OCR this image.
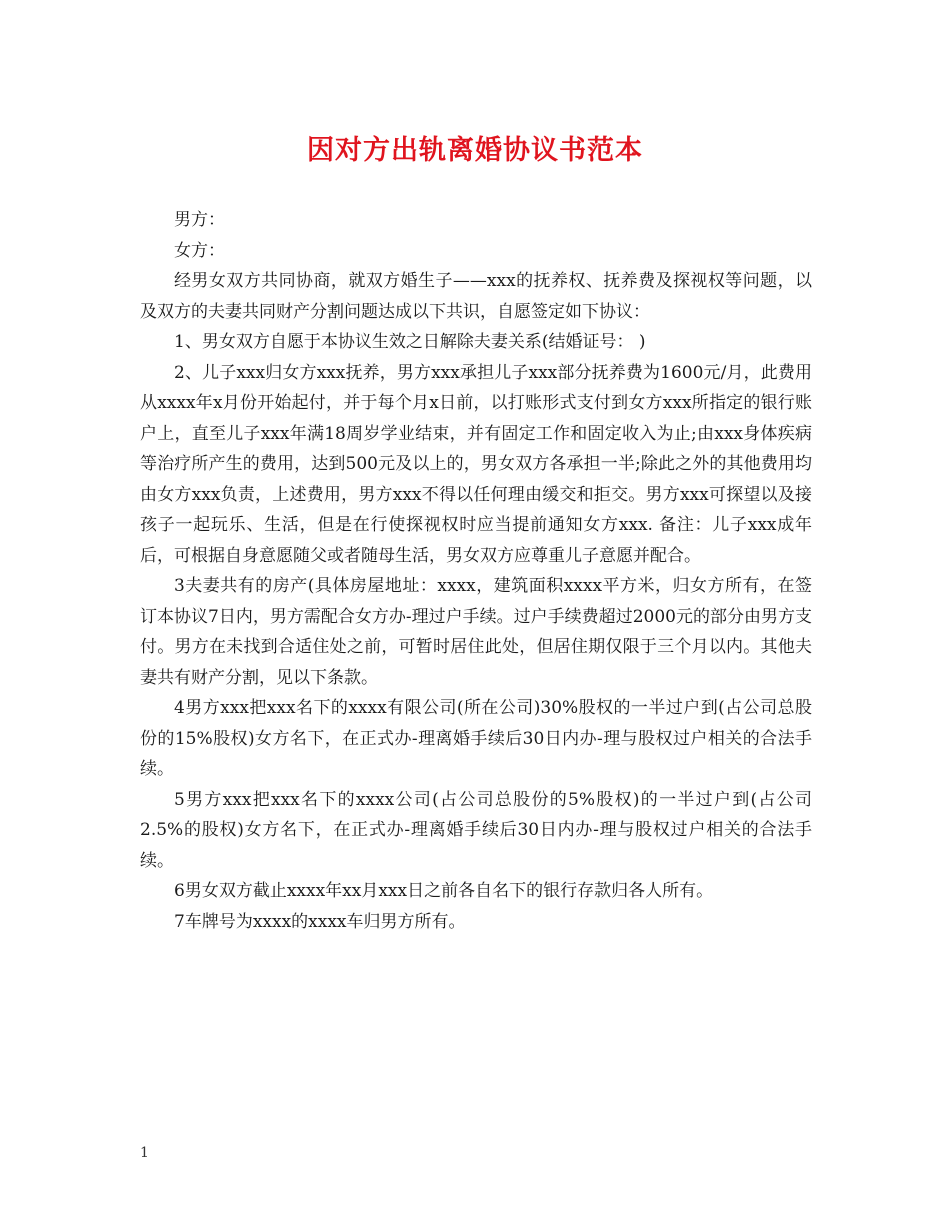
因对方出轨离婚协议书范本

男方：

女方：

经男女双方共同协商，就双方婚生子——xxx的抚养权、抚养费及探视权等问题，以及双方的夫妻共同财产分割问题达成以下共识，自愿签定如下协议：

1、男女双方自愿于本协议生效之日解除夫妻关系(结婚证号： )

2、儿子xxx归女方xxx抚养，男方xxx承担儿子xxx部分抚养费为1600元/月，此费用从xxxx年x月份开始起付，并于每个月x日前，以打账形式支付到女方xxx所指定的银行账户上，直至儿子xxx年满18周岁学业结束，并有固定工作和固定收入为止;由xxx身体疾病等治疗所产生的费用，达到500元及以上的，男女双方各承担一半;除此之外的其他费用均由女方xxx负责，上述费用，男方xxx不得以任何理由缓交和拒交。男方xxx可探望以及接孩子一起玩乐、生活，但是在行使探视权时应当提前通知女方xxx. 备注：儿子xxx成年后，可根据自身意愿随父或者随母生活，男女双方应尊重儿子意愿并配合。

3夫妻共有的房产(具体房屋地址：xxxx，建筑面积xxxx平方米，归女方所有，在签订本协议7日内，男方需配合女方办-理过户手续。过户手续费超过2000元的部分由男方支付。男方在未找到合适住处之前，可暂时居住此处，但居住期仅限于三个月以内。其他夫妻共有财产分割，见以下条款。

4男方xxx把xxx名下的xxxx有限公司(所在公司)30%股权的一半过户到(占公司总股份的15%股权)女方名下，在正式办-理离婚手续后30日内办-理与股权过户相关的合法手续。

5男方xxx把xxx名下的xxxx公司(占公司总股份的5%股权)的一半过户到(占公司2.5%的股权)女方名下，在正式办-理离婚手续后30日内办-理与股权过户相关的合法手续。

6男女双方截止xxxx年xx月xxx日之前各自名下的银行存款归各人所有。

7车牌号为xxxx的xxxx车归男方所有。

1
